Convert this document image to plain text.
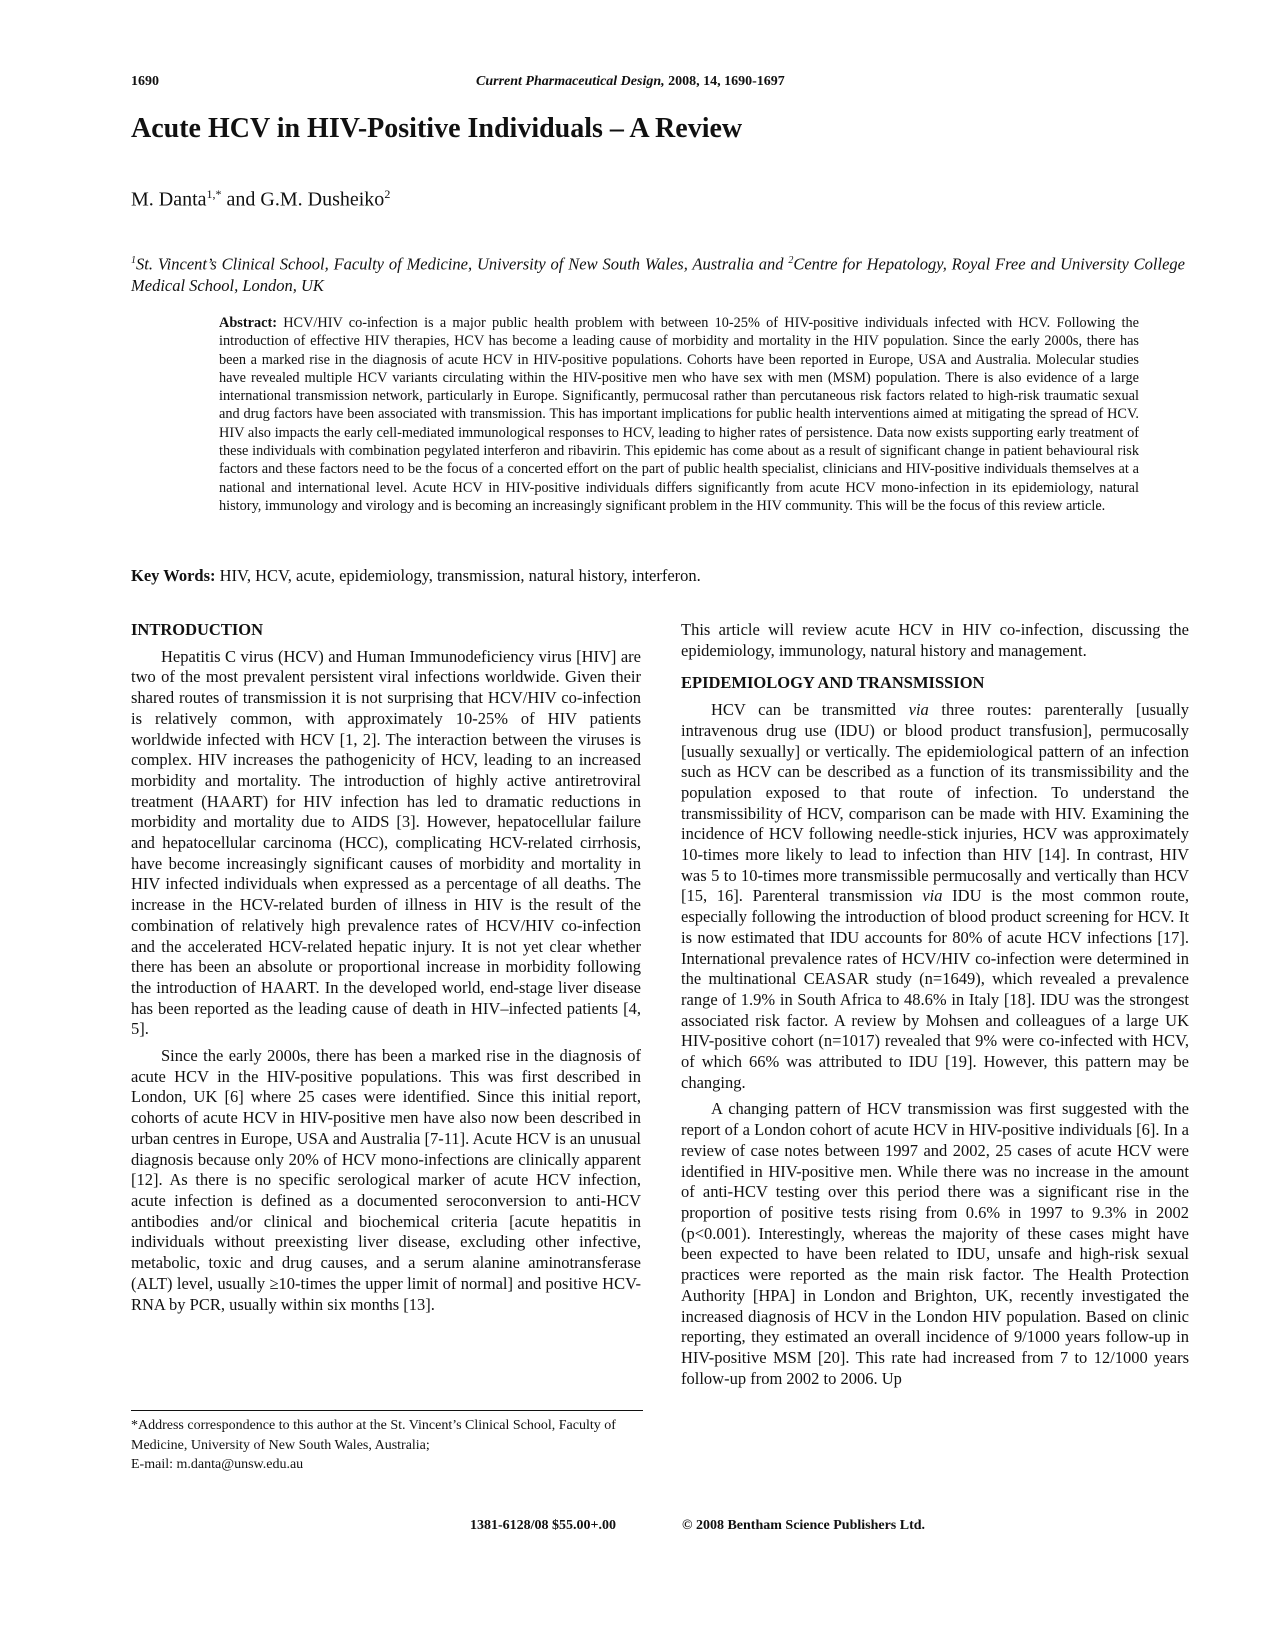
1690	Current Pharmaceutical Design, 2008, 14, 1690-1697
Acute HCV in HIV-Positive Individuals – A Review
M. Danta$^{1,*}$ and G.M. Dusheiko$^2$
$^1$St. Vincent’s Clinical School, Faculty of Medicine, University of New South Wales, Australia and $^2$Centre for Hepatology, Royal Free and University College Medical School, London, UK
Abstract: HCV/HIV co-infection is a major public health problem with between 10-25% of HIV-positive individuals infected with HCV. Following the introduction of effective HIV therapies, HCV has become a leading cause of morbidity and mortality in the HIV population. Since the early 2000s, there has been a marked rise in the diagnosis of acute HCV in HIV-positive populations. Cohorts have been reported in Europe, USA and Australia. Molecular studies have revealed multiple HCV variants circulating within the HIV-positive men who have sex with men (MSM) population. There is also evidence of a large international transmission network, particularly in Europe. Significantly, permucosal rather than percutaneous risk factors related to high-risk traumatic sexual and drug factors have been associated with transmission. This has important implications for public health interventions aimed at mitigating the spread of HCV. HIV also impacts the early cell-mediated immunological responses to HCV, leading to higher rates of persistence. Data now exists supporting early treatment of these individuals with combination pegylated interferon and ribavirin. This epidemic has come about as a result of significant change in patient behavioural risk factors and these factors need to be the focus of a concerted effort on the part of public health specialist, clinicians and HIV-positive individuals themselves at a national and international level. Acute HCV in HIV-positive individuals differs significantly from acute HCV mono-infection in its epidemiology, natural history, immunology and virology and is becoming an increasingly significant problem in the HIV community. This will be the focus of this review article.
Key Words: HIV, HCV, acute, epidemiology, transmission, natural history, interferon.
INTRODUCTION

Hepatitis C virus (HCV) and Human Immunodeficiency virus [HIV] are two of the most prevalent persistent viral infections worldwide. Given their shared routes of transmission it is not surprising that HCV/HIV co-infection is relatively common, with approximately 10-25% of HIV patients worldwide infected with HCV [1, 2]. The interaction between the viruses is complex. HIV increases the pathogenicity of HCV, leading to an increased morbidity and mortality. The introduction of highly active antiretroviral treatment (HAART) for HIV infection has led to dramatic reductions in morbidity and mortality due to AIDS [3]. However, hepatocellular failure and hepatocellular carcinoma (HCC), complicating HCV-related cirrhosis, have become increasingly significant causes of morbidity and mortality in HIV infected individuals when expressed as a percentage of all deaths. The increase in the HCV-related burden of illness in HIV is the result of the combination of relatively high prevalence rates of HCV/HIV co-infection and the accelerated HCV-related hepatic injury. It is not yet clear whether there has been an absolute or proportional increase in morbidity following the introduction of HAART. In the developed world, end-stage liver disease has been reported as the leading cause of death in HIV–infected patients [4, 5].

Since the early 2000s, there has been a marked rise in the diagnosis of acute HCV in the HIV-positive populations. This was first described in London, UK [6] where 25 cases were identified. Since this initial report, cohorts of acute HCV in HIV-positive men have also now been described in urban centres in Europe, USA and Australia [7-11]. Acute HCV is an unusual diagnosis because only 20% of HCV mono-infections are clinically apparent [12]. As there is no specific serological marker of acute HCV infection, acute infection is defined as a documented seroconversion to anti-HCV antibodies and/or clinical and biochemical criteria [acute hepatitis in individuals without preexisting liver disease, excluding other infective, metabolic, toxic and drug causes, and a serum alanine aminotransferase (ALT) level, usually ≥10-times the upper limit of normal] and positive HCV-RNA by PCR, usually within six months [13].

This article will review acute HCV in HIV co-infection, discussing the epidemiology, immunology, natural history and management.

EPIDEMIOLOGY AND TRANSMISSION

HCV can be transmitted via three routes: parenterally [usually intravenous drug use (IDU) or blood product transfusion], permucosally [usually sexually] or vertically. The epidemiological pattern of an infection such as HCV can be described as a function of its transmissibility and the population exposed to that route of infection. To understand the transmissibility of HCV, comparison can be made with HIV. Examining the incidence of HCV following needle-stick injuries, HCV was approximately 10-times more likely to lead to infection than HIV [14]. In contrast, HIV was 5 to 10-times more transmissible permucosally and vertically than HCV [15, 16]. Parenteral transmission via IDU is the most common route, especially following the introduction of blood product screening for HCV. It is now estimated that IDU accounts for 80% of acute HCV infections [17]. International prevalence rates of HCV/HIV co-infection were determined in the multinational CEASAR study (n=1649), which revealed a prevalence range of 1.9% in South Africa to 48.6% in Italy [18]. IDU was the strongest associated risk factor. A review by Mohsen and colleagues of a large UK HIV-positive cohort (n=1017) revealed that 9% were co-infected with HCV, of which 66% was attributed to IDU [19]. However, this pattern may be changing.

A changing pattern of HCV transmission was first suggested with the report of a London cohort of acute HCV in HIV-positive individuals [6]. In a review of case notes between 1997 and 2002, 25 cases of acute HCV were identified in HIV-positive men. While there was no increase in the amount of anti-HCV testing over this period there was a significant rise in the proportion of positive tests rising from 0.6% in 1997 to 9.3% in 2002 (p<0.001). Interestingly, whereas the majority of these cases might have been expected to have been related to IDU, unsafe and high-risk sexual practices were reported as the main risk factor. The Health Protection Authority [HPA] in London and Brighton, UK, recently investigated the increased diagnosis of HCV in the London HIV population. Based on clinic reporting, they estimated an overall incidence of 9/1000 years follow-up in HIV-positive MSM [20]. This rate had increased from 7 to 12/1000 years follow-up from 2002 to 2006. Up

*Address correspondence to this author at the St. Vincent’s Clinical School, Faculty of Medicine, University of New South Wales, Australia;
E-mail: m.danta@unsw.edu.au
1381-6128/08 $55.00+.00	© 2008 Bentham Science Publishers Ltd.
